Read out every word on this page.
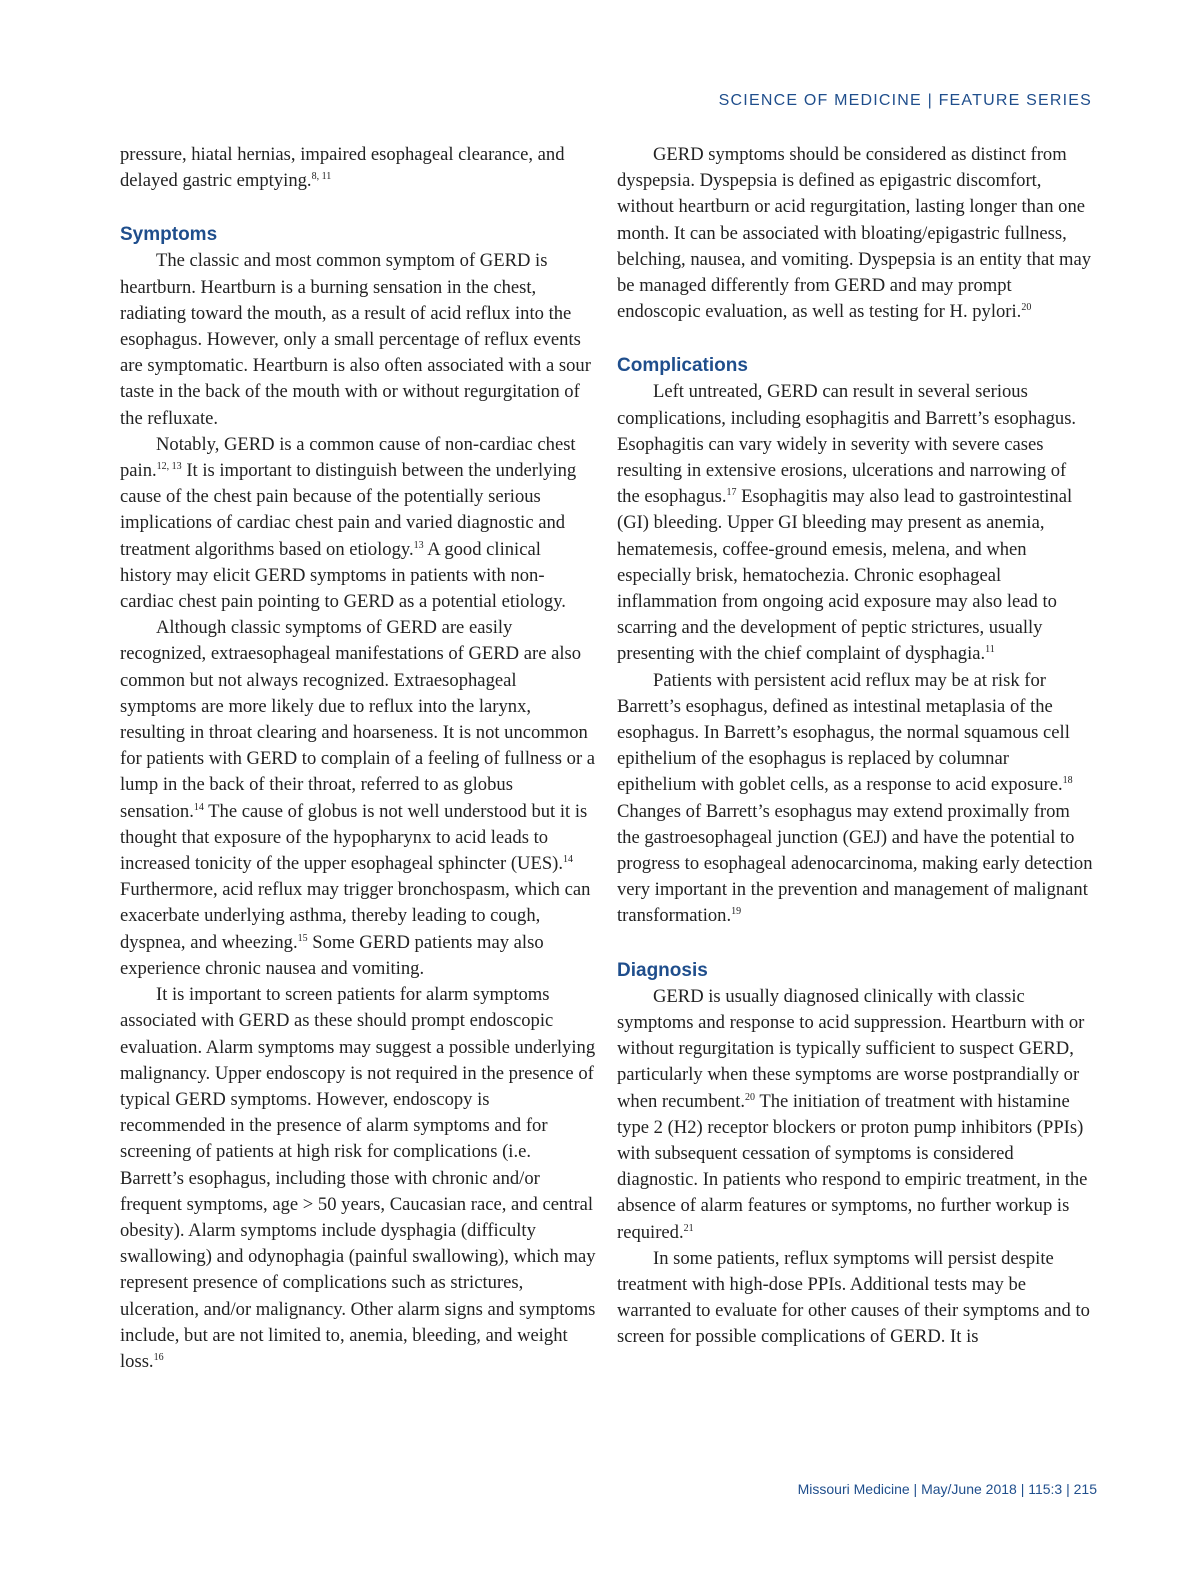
SCIENCE OF MEDICINE | FEATURE SERIES

pressure, hiatal hernias, impaired esophageal clearance, and delayed gastric emptying.$^{8, 11}$

Symptoms

The classic and most common symptom of GERD is heartburn. Heartburn is a burning sensation in the chest, radiating toward the mouth, as a result of acid reflux into the esophagus. However, only a small percentage of reflux events are symptomatic. Heartburn is also often associated with a sour taste in the back of the mouth with or without regurgitation of the refluxate.

Notably, GERD is a common cause of non-cardiac chest pain.$^{12, 13}$ It is important to distinguish between the underlying cause of the chest pain because of the potentially serious implications of cardiac chest pain and varied diagnostic and treatment algorithms based on etiology.$^{13}$ A good clinical history may elicit GERD symptoms in patients with non-cardiac chest pain pointing to GERD as a potential etiology.

Although classic symptoms of GERD are easily recognized, extraesophageal manifestations of GERD are also common but not always recognized. Extraesophageal symptoms are more likely due to reflux into the larynx, resulting in throat clearing and hoarseness. It is not uncommon for patients with GERD to complain of a feeling of fullness or a lump in the back of their throat, referred to as globus sensation.$^{14}$ The cause of globus is not well understood but it is thought that exposure of the hypopharynx to acid leads to increased tonicity of the upper esophageal sphincter (UES).$^{14}$ Furthermore, acid reflux may trigger bronchospasm, which can exacerbate underlying asthma, thereby leading to cough, dyspnea, and wheezing.$^{15}$ Some GERD patients may also experience chronic nausea and vomiting.

It is important to screen patients for alarm symptoms associated with GERD as these should prompt endoscopic evaluation. Alarm symptoms may suggest a possible underlying malignancy. Upper endoscopy is not required in the presence of typical GERD symptoms. However, endoscopy is recommended in the presence of alarm symptoms and for screening of patients at high risk for complications (i.e. Barrett’s esophagus, including those with chronic and/or frequent symptoms, age > 50 years, Caucasian race, and central obesity). Alarm symptoms include dysphagia (difficulty swallowing) and odynophagia (painful swallowing), which may represent presence of complications such as strictures, ulceration, and/or malignancy. Other alarm signs and symptoms include, but are not limited to, anemia, bleeding, and weight loss.$^{16}$

GERD symptoms should be considered as distinct from dyspepsia. Dyspepsia is defined as epigastric discomfort, without heartburn or acid regurgitation, lasting longer than one month. It can be associated with bloating/epigastric fullness, belching, nausea, and vomiting. Dyspepsia is an entity that may be managed differently from GERD and may prompt endoscopic evaluation, as well as testing for H. pylori.$^{20}$

Complications

Left untreated, GERD can result in several serious complications, including esophagitis and Barrett’s esophagus. Esophagitis can vary widely in severity with severe cases resulting in extensive erosions, ulcerations and narrowing of the esophagus.$^{17}$ Esophagitis may also lead to gastrointestinal (GI) bleeding. Upper GI bleeding may present as anemia, hematemesis, coffee-ground emesis, melena, and when especially brisk, hematochezia. Chronic esophageal inflammation from ongoing acid exposure may also lead to scarring and the development of peptic strictures, usually presenting with the chief complaint of dysphagia.$^{11}$

Patients with persistent acid reflux may be at risk for Barrett’s esophagus, defined as intestinal metaplasia of the esophagus. In Barrett’s esophagus, the normal squamous cell epithelium of the esophagus is replaced by columnar epithelium with goblet cells, as a response to acid exposure.$^{18}$ Changes of Barrett’s esophagus may extend proximally from the gastroesophageal junction (GEJ) and have the potential to progress to esophageal adenocarcinoma, making early detection very important in the prevention and management of malignant transformation.$^{19}$

Diagnosis

GERD is usually diagnosed clinically with classic symptoms and response to acid suppression. Heartburn with or without regurgitation is typically sufficient to suspect GERD, particularly when these symptoms are worse postprandially or when recumbent.$^{20}$ The initiation of treatment with histamine type 2 (H2) receptor blockers or proton pump inhibitors (PPIs) with subsequent cessation of symptoms is considered diagnostic. In patients who respond to empiric treatment, in the absence of alarm features or symptoms, no further workup is required.$^{21}$

In some patients, reflux symptoms will persist despite treatment with high-dose PPIs. Additional tests may be warranted to evaluate for other causes of their symptoms and to screen for possible complications of GERD. It is

Missouri Medicine | May/June 2018 | 115:3 | 215
